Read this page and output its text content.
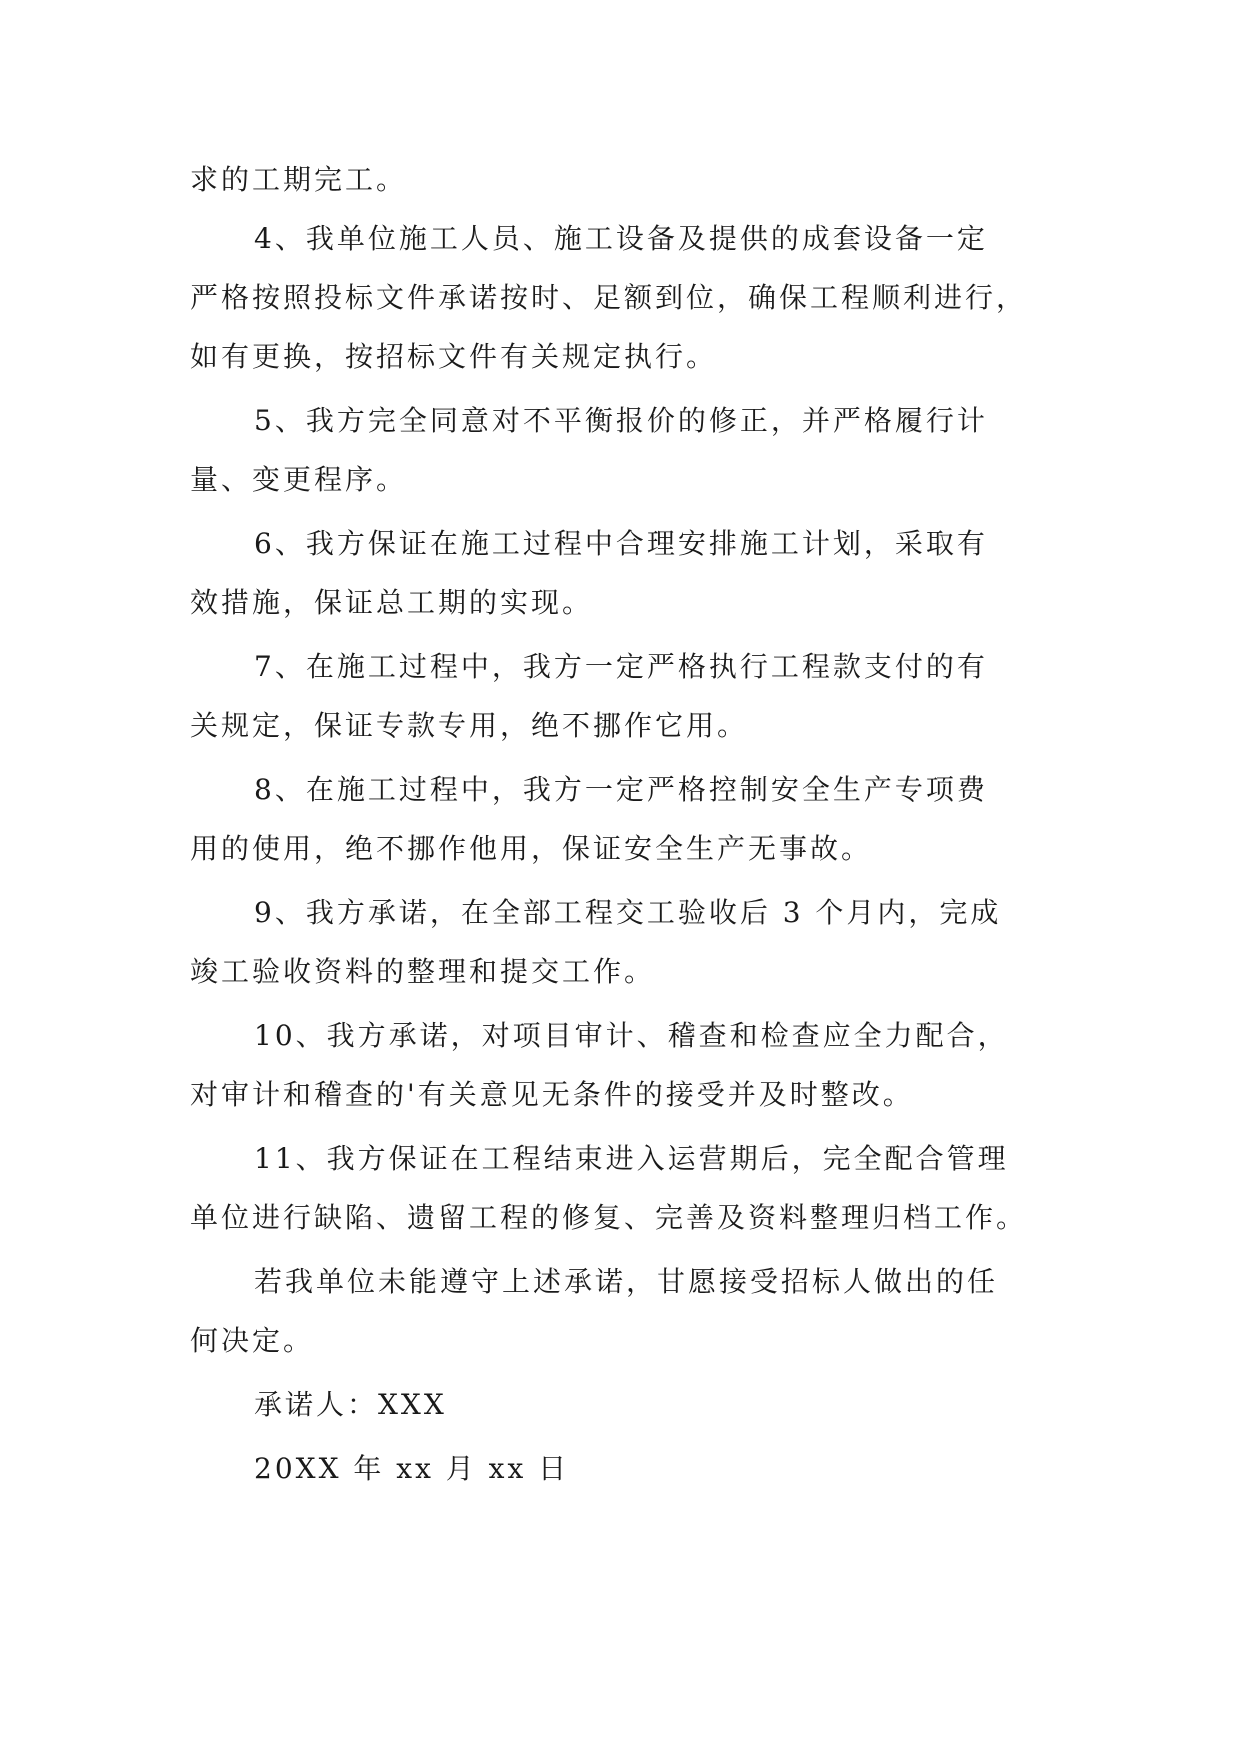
求的工期完工。
4、我单位施工人员、施工设备及提供的成套设备一定
严格按照投标文件承诺按时、足额到位，确保工程顺利进行，
如有更换，按招标文件有关规定执行。
5、我方完全同意对不平衡报价的修正，并严格履行计
量、变更程序。
6、我方保证在施工过程中合理安排施工计划，采取有
效措施，保证总工期的实现。
7、在施工过程中，我方一定严格执行工程款支付的有
关规定，保证专款专用，绝不挪作它用。
8、在施工过程中，我方一定严格控制安全生产专项费
用的使用，绝不挪作他用，保证安全生产无事故。
9、我方承诺，在全部工程交工验收后 3 个月内，完成
竣工验收资料的整理和提交工作。
10、我方承诺，对项目审计、稽查和检查应全力配合，
对审计和稽查的'有关意见无条件的接受并及时整改。
11、我方保证在工程结束进入运营期后，完全配合管理
单位进行缺陷、遗留工程的修复、完善及资料整理归档工作。
若我单位未能遵守上述承诺，甘愿接受招标人做出的任
何决定。
承诺人：XXX
20XX 年 xx 月 xx 日
